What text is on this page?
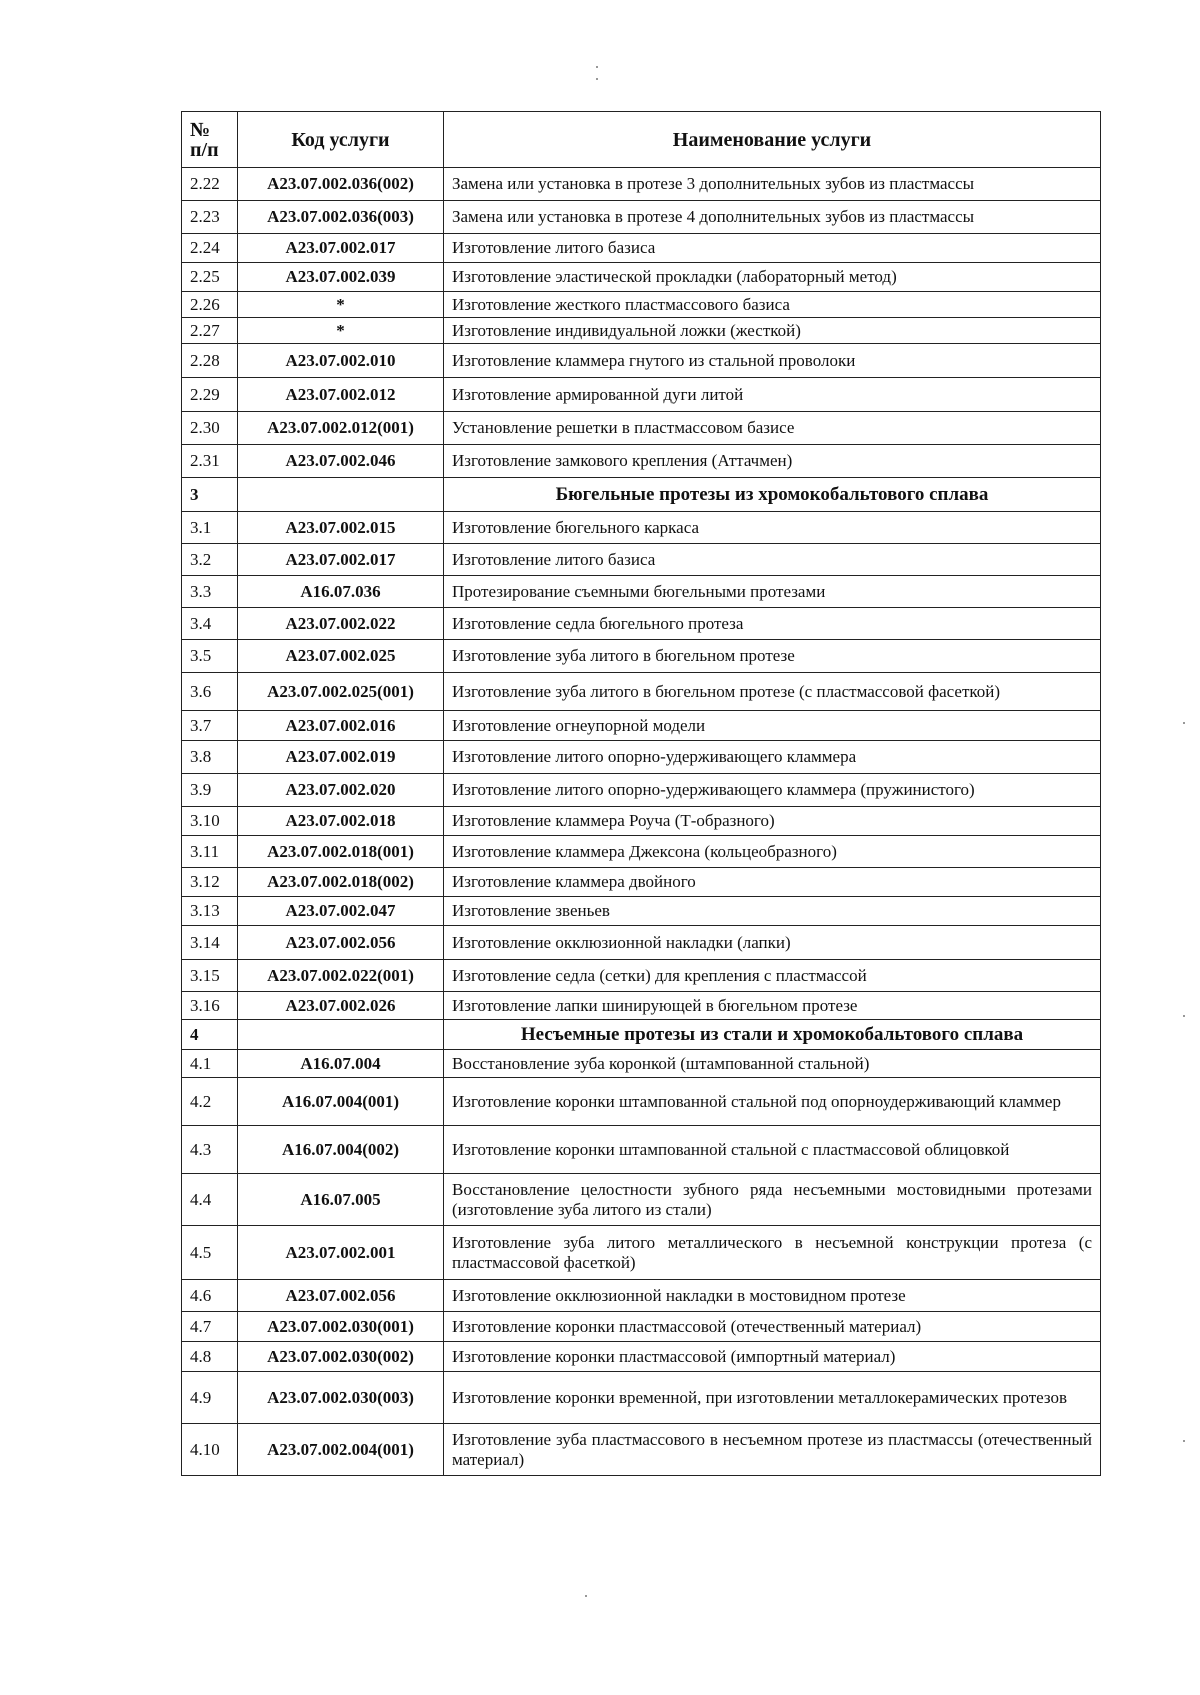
№ п/п	Код услуги	Наименование услуги
2.22	А23.07.002.036(002)	Замена или установка в протезе 3 дополнительных зубов из пластмассы
2.23	А23.07.002.036(003)	Замена или установка в протезе 4 дополнительных зубов из пластмассы
2.24	А23.07.002.017	Изготовление литого базиса
2.25	А23.07.002.039	Изготовление эластической прокладки (лабораторный метод)
2.26	*	Изготовление жесткого пластмассового базиса
2.27	*	Изготовление индивидуальной ложки (жесткой)
2.28	А23.07.002.010	Изготовление кламмера гнутого из стальной проволоки
2.29	А23.07.002.012	Изготовление армированной дуги литой
2.30	А23.07.002.012(001)	Установление решетки в пластмассовом базисе
2.31	А23.07.002.046	Изготовление замкового крепления (Аттачмен)
3		Бюгельные протезы из хромокобальтового сплава
3.1	А23.07.002.015	Изготовление бюгельного каркаса
3.2	А23.07.002.017	Изготовление литого базиса
3.3	А16.07.036	Протезирование съемными бюгельными протезами
3.4	А23.07.002.022	Изготовление седла бюгельного протеза
3.5	А23.07.002.025	Изготовление зуба литого в бюгельном протезе
3.6	А23.07.002.025(001)	Изготовление зуба литого в бюгельном протезе (с пластмассовой фасеткой)
3.7	А23.07.002.016	Изготовление огнеупорной модели
3.8	А23.07.002.019	Изготовление литого опорно-удерживающего кламмера
3.9	А23.07.002.020	Изготовление литого опорно-удерживающего кламмера (пружинистого)
3.10	А23.07.002.018	Изготовление кламмера Роуча (Т-образного)
3.11	А23.07.002.018(001)	Изготовление кламмера Джексона (кольцеобразного)
3.12	А23.07.002.018(002)	Изготовление кламмера двойного
3.13	А23.07.002.047	Изготовление звеньев
3.14	А23.07.002.056	Изготовление окклюзионной накладки (лапки)
3.15	А23.07.002.022(001)	Изготовление седла (сетки) для крепления с пластмассой
3.16	А23.07.002.026	Изготовление лапки шинирующей в бюгельном протезе
4		Несъемные протезы из стали и хромокобальтового сплава
4.1	А16.07.004	Восстановление зуба коронкой (штампованной стальной)
4.2	А16.07.004(001)	Изготовление коронки штампованной стальной под опорноудерживающий кламмер
4.3	А16.07.004(002)	Изготовление коронки штампованной стальной с пластмассовой облицовкой
4.4	А16.07.005	Восстановление целостности зубного ряда несъемными мостовидными протезами (изготовление зуба литого из стали)
4.5	А23.07.002.001	Изготовление зуба литого металлического в несъемной конструкции протеза (с пластмассовой фасеткой)
4.6	А23.07.002.056	Изготовление окклюзионной накладки в мостовидном протезе
4.7	А23.07.002.030(001)	Изготовление коронки пластмассовой (отечественный материал)
4.8	А23.07.002.030(002)	Изготовление коронки пластмассовой (импортный материал)
4.9	А23.07.002.030(003)	Изготовление коронки временной, при изготовлении металлокерамических протезов
4.10	А23.07.002.004(001)	Изготовление зуба пластмассового в несъемном протезе из пластмассы (отечественный материал)
